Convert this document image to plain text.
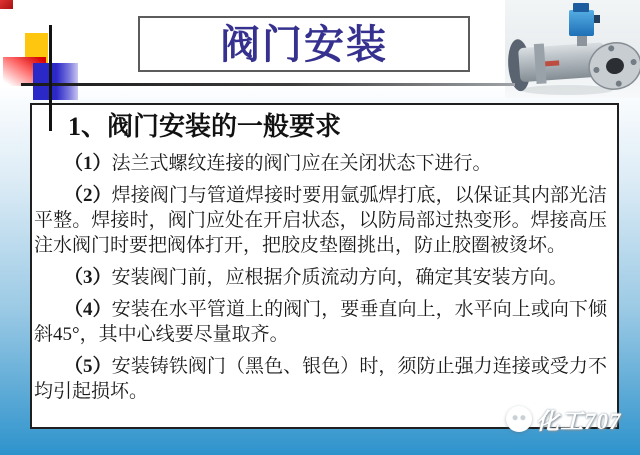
阀门安装
1、阀门安装的一般要求

（1）法兰式螺纹连接的阀门应在关闭状态下进行。

（2）焊接阀门与管道焊接时要用氩弧焊打底，以保证其内部光洁平整。焊接时，阀门应处在开启状态，以防局部过热变形。焊接高压注水阀门时要把阀体打开，把胶皮垫圈挑出，防止胶圈被烫坏。

（3）安装阀门前，应根据介质流动方向，确定其安装方向。

（4）安装在水平管道上的阀门，要垂直向上，水平向上或向下倾斜45°，其中心线要尽量取齐。

（5）安装铸铁阀门（黑色、银色）时，须防止强力连接或受力不均引起损坏。

化工707
